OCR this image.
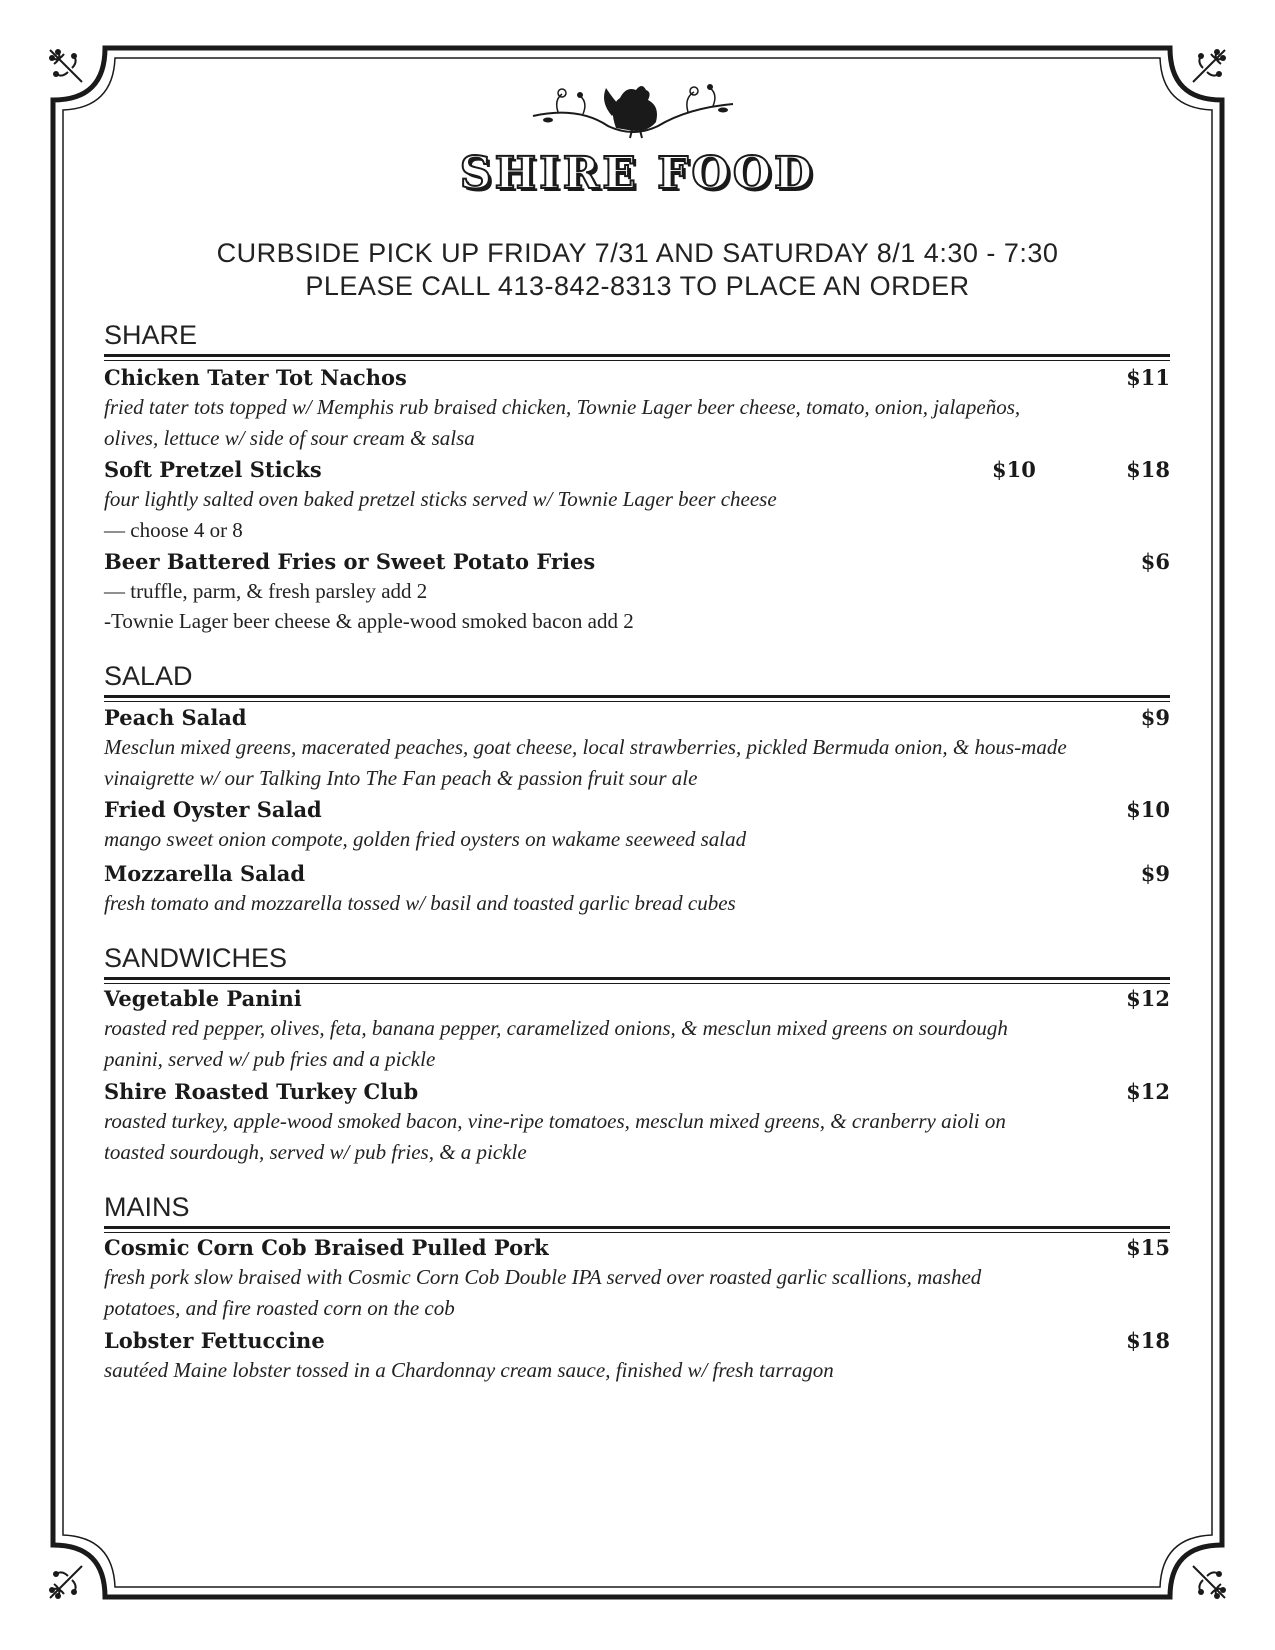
SHIRE FOOD
CURBSIDE PICK UP FRIDAY 7/31 AND SATURDAY 8/1 4:30 - 7:30
PLEASE CALL 413-842-8313 TO PLACE AN ORDER
SHARE
Chicken Tater Tot Nachos	$11
fried tater tots topped w/ Memphis rub braised chicken, Townie Lager beer cheese, tomato, onion, jalapeños,
olives, lettuce w/ side of sour cream & salsa
Soft Pretzel Sticks	$10	$18
four lightly salted oven baked pretzel sticks served w/ Townie Lager beer cheese
— choose 4 or 8
Beer Battered Fries or Sweet Potato Fries	$6
— truffle, parm, & fresh parsley add 2
-Townie Lager beer cheese & apple-wood smoked bacon add 2
SALAD
Peach Salad	$9
Mesclun mixed greens, macerated peaches, goat cheese, local strawberries, pickled Bermuda onion, & hous-made
vinaigrette w/ our Talking Into The Fan peach & passion fruit sour ale
Fried Oyster Salad	$10
mango sweet onion compote, golden fried oysters on wakame seeweed salad
Mozzarella Salad	$9
fresh tomato and mozzarella tossed w/ basil and toasted garlic bread cubes
SANDWICHES
Vegetable Panini	$12
roasted red pepper, olives, feta, banana pepper, caramelized onions, & mesclun mixed greens on sourdough
panini, served w/ pub fries and a pickle
Shire Roasted Turkey Club	$12
roasted turkey, apple-wood smoked bacon, vine-ripe tomatoes, mesclun mixed greens, & cranberry aioli on
toasted sourdough, served w/ pub fries, & a pickle
MAINS
Cosmic Corn Cob Braised Pulled Pork	$15
fresh pork slow braised with Cosmic Corn Cob Double IPA served over roasted garlic scallions, mashed
potatoes, and fire roasted corn on the cob
Lobster Fettuccine	$18
sautéed Maine lobster tossed in a Chardonnay cream sauce, finished w/ fresh tarragon
